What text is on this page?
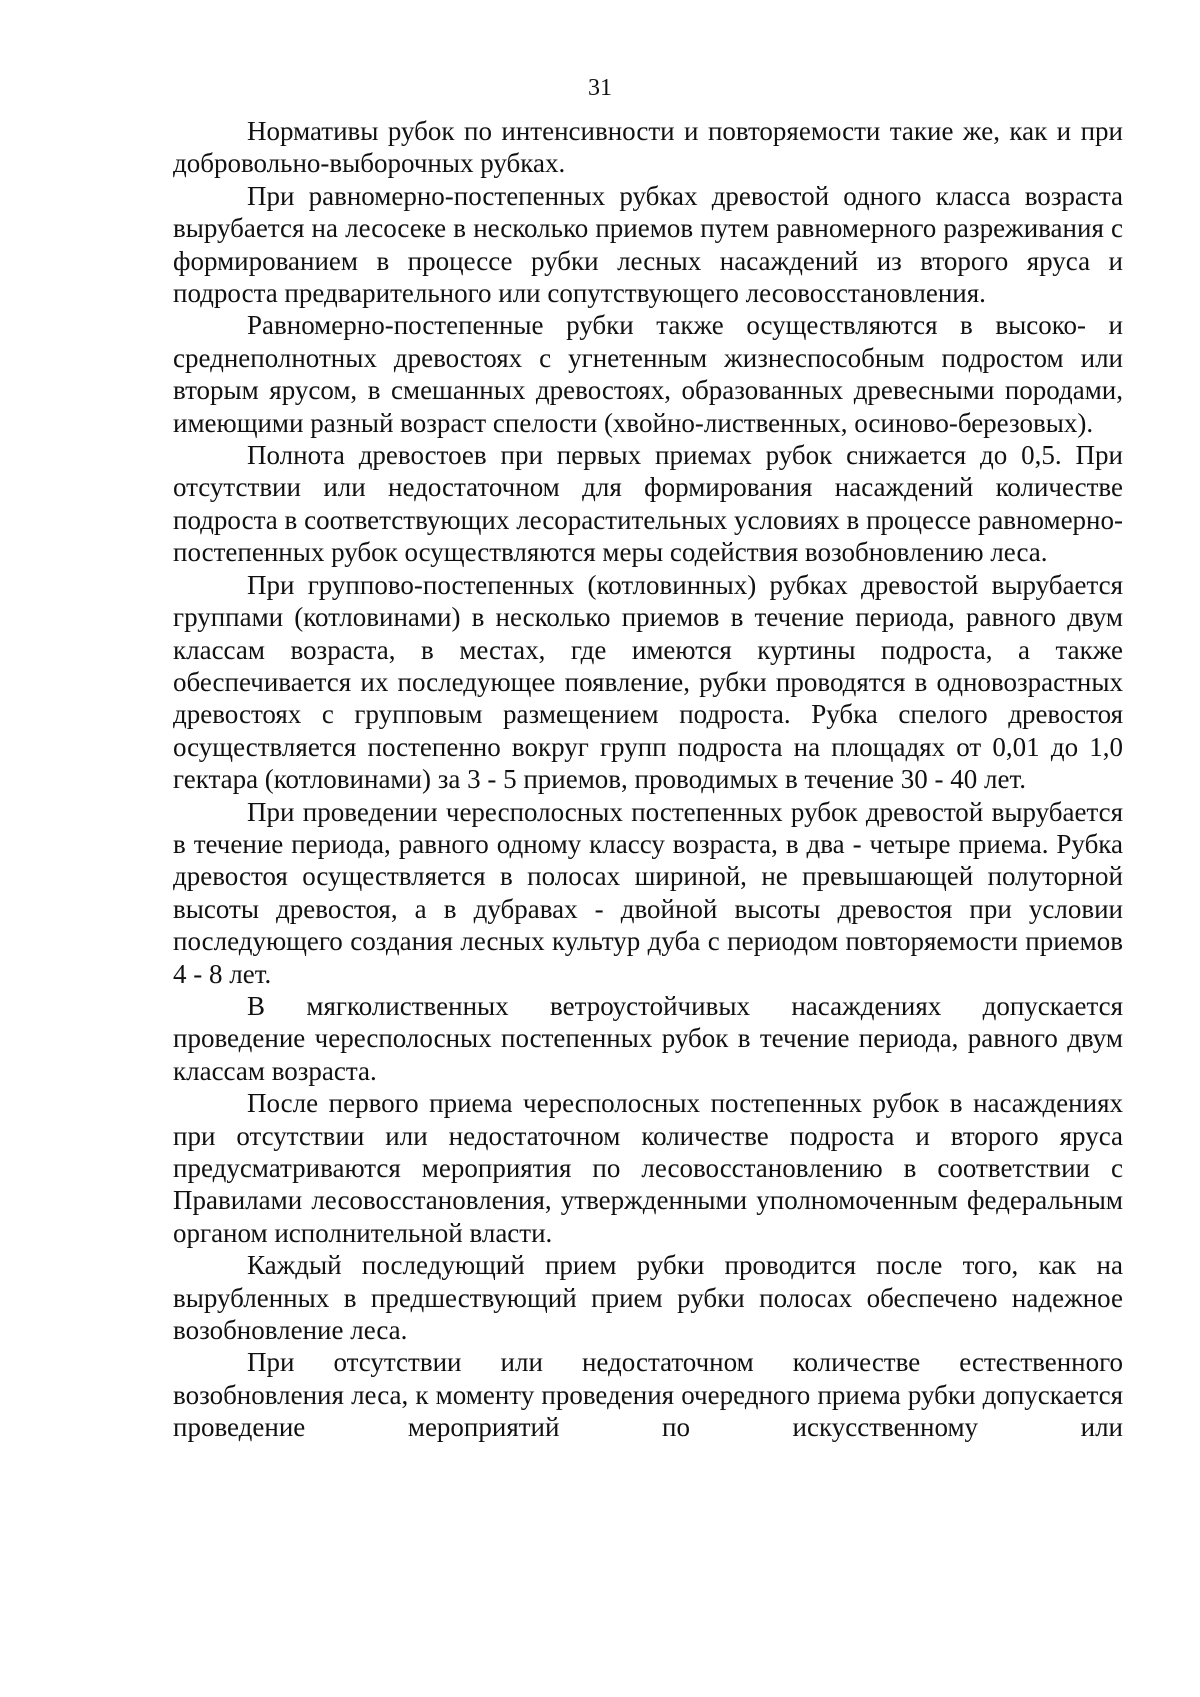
31

Нормативы рубок по интенсивности и повторяемости такие же, как и при добровольно-выборочных рубках.

При равномерно-постепенных рубках древостой одного класса возраста вырубается на лесосеке в несколько приемов путем равномерного разреживания с формированием в процессе рубки лесных насаждений из второго яруса и подроста предварительного или сопутствующего лесовосстановления.

Равномерно-постепенные рубки также осуществляются в высоко- и среднеполнотных древостоях с угнетенным жизнеспособным подростом или вторым ярусом, в смешанных древостоях, образованных древесными породами, имеющими разный возраст спелости (хвойно-лиственных, осиново-березовых).

Полнота древостоев при первых приемах рубок снижается до 0,5. При отсутствии или недостаточном для формирования насаждений количестве подроста в соответствующих лесорастительных условиях в процессе равномерно-постепенных рубок осуществляются меры содействия возобновлению леса.

При группово-постепенных (котловинных) рубках древостой вырубается группами (котловинами) в несколько приемов в течение периода, равного двум классам возраста, в местах, где имеются куртины подроста, а также обеспечивается их последующее появление, рубки проводятся в одновозрастных древостоях с групповым размещением подроста. Рубка спелого древостоя осуществляется постепенно вокруг групп подроста на площадях от 0,01 до 1,0 гектара (котловинами) за 3 - 5 приемов, проводимых в течение 30 - 40 лет.

При проведении чересполосных постепенных рубок древостой вырубается в течение периода, равного одному классу возраста, в два - четыре приема. Рубка древостоя осуществляется в полосах шириной, не превышающей полуторной высоты древостоя, а в дубравах - двойной высоты древостоя при условии последующего создания лесных культур дуба с периодом повторяемости приемов 4 - 8 лет.

В мягколиственных ветроустойчивых насаждениях допускается проведение чересполосных постепенных рубок в течение периода, равного двум классам возраста.

После первого приема чересполосных постепенных рубок в насаждениях при отсутствии или недостаточном количестве подроста и второго яруса предусматриваются мероприятия по лесовосстановлению в соответствии с Правилами лесовосстановления, утвержденными уполномоченным федеральным органом исполнительной власти.

Каждый последующий прием рубки проводится после того, как на вырубленных в предшествующий прием рубки полосах обеспечено надежное возобновление леса.

При отсутствии или недостаточном количестве естественного возобновления леса, к моменту проведения очередного приема рубки допускается проведение мероприятий по искусственному или
